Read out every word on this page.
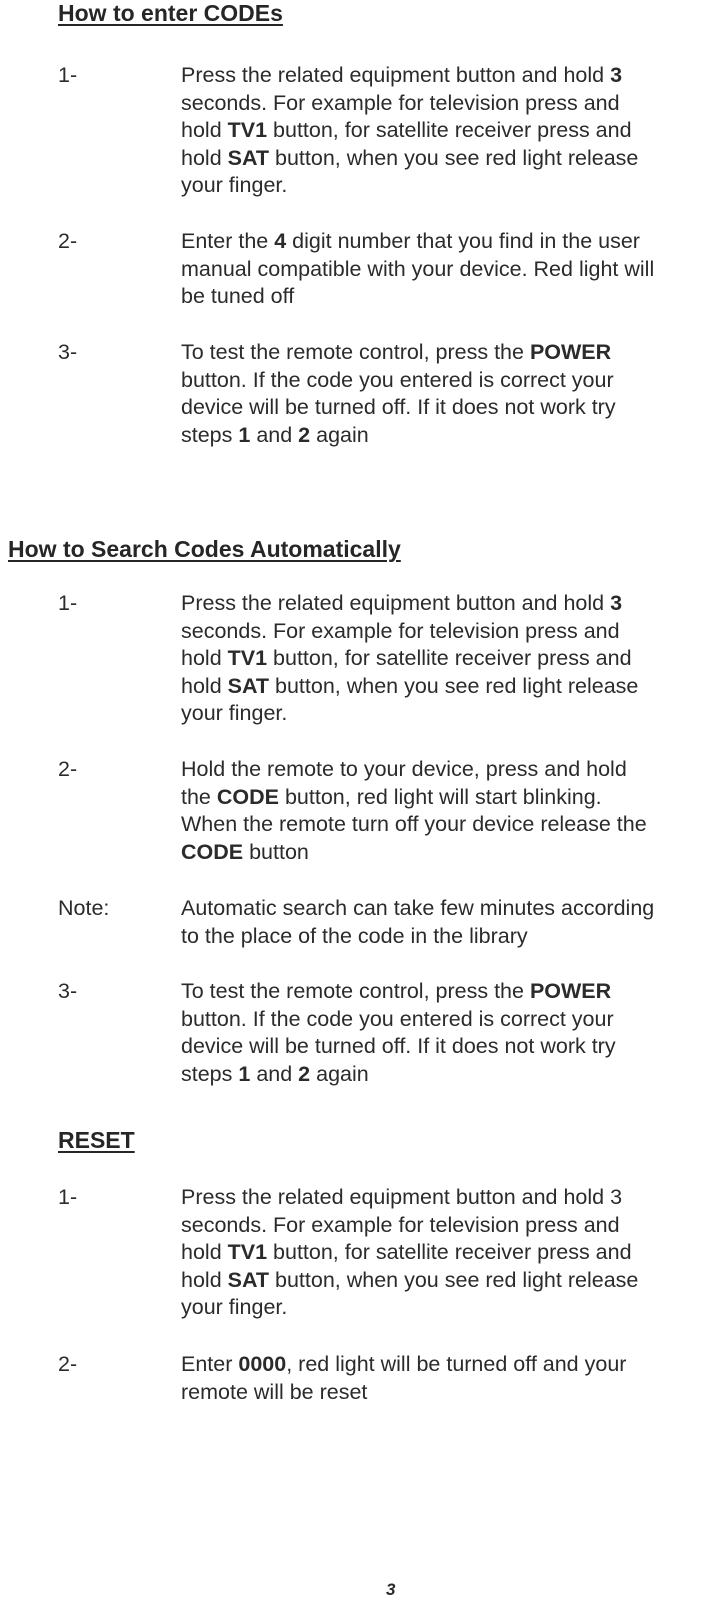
How to enter CODEs
1-	Press the related equipment button and hold 3
seconds. For example for television press and
hold TV1 button, for satellite receiver press and
hold SAT button, when you see red light release
your finger.
2-	Enter the 4 digit number that you find in the user
manual compatible with your device. Red light will
be tuned off
3-	To test the remote control, press the POWER
button. If the code you entered is correct your
device will be turned off. If it does not work try
steps 1 and 2 again
How to Search Codes Automatically
1-	Press the related equipment button and hold 3
seconds. For example for television press and
hold TV1 button, for satellite receiver press and
hold SAT button, when you see red light release
your finger.
2-	Hold the remote to your device, press and hold
the CODE button, red light will start blinking.
When the remote turn off your device release the
CODE button
Note:	Automatic search can take few minutes according
to the place of the code in the library
3-	To test the remote control, press the POWER
button. If the code you entered is correct your
device will be turned off. If it does not work try
steps 1 and 2 again
RESET
1-	Press the related equipment button and hold 3
seconds. For example for television press and
hold TV1 button, for satellite receiver press and
hold SAT button, when you see red light release
your finger.
2-	Enter 0000, red light will be turned off and your
remote will be reset
3
